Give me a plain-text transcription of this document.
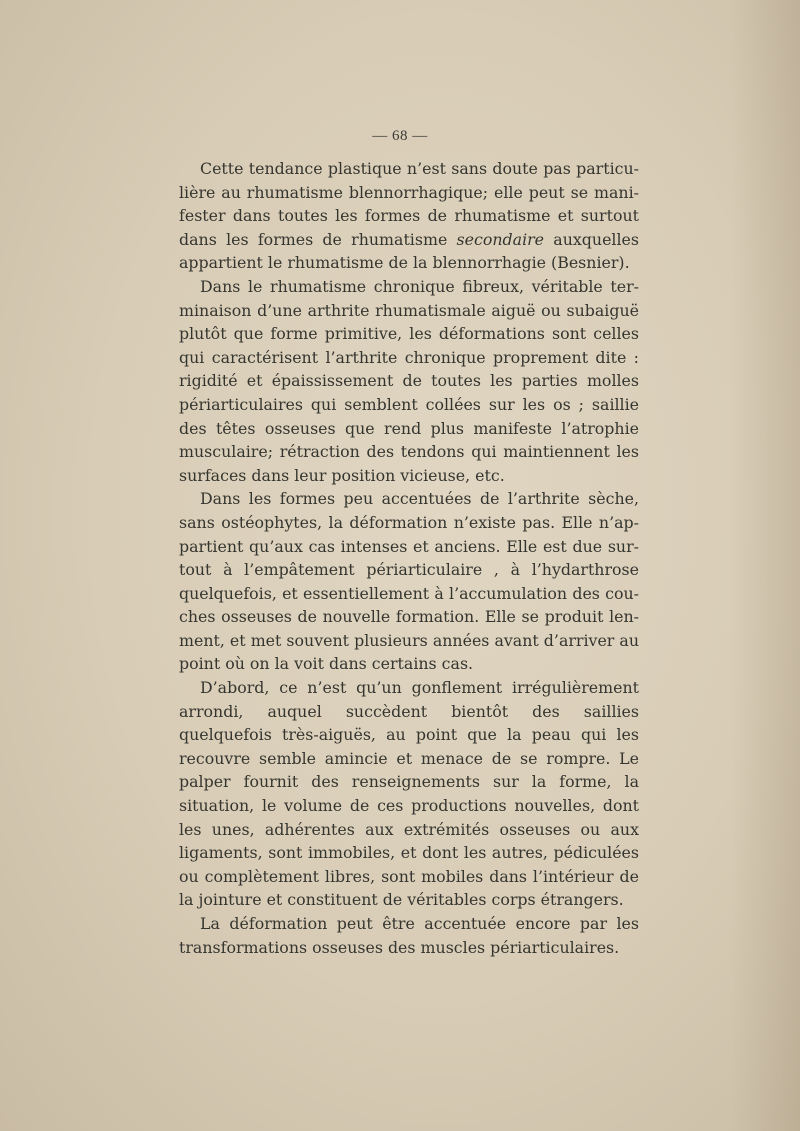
— 68 —

Cette tendance plastique n’est sans doute pas particulière au rhumatisme blennorrhagique; elle peut se manifester dans toutes les formes de rhumatisme et surtout dans les formes de rhumatisme secondaire auxquelles appartient le rhumatisme de la blennorrhagie (Besnier).

Dans le rhumatisme chronique fibreux, véritable terminaison d’une arthrite rhumatismale aiguë ou subaiguë plutôt que forme primitive, les déformations sont celles qui caractérisent l’arthrite chronique proprement dite : rigidité et épaississement de toutes les parties molles périarticulaires qui semblent collées sur les os ; saillie des têtes osseuses que rend plus manifeste l’atrophie musculaire; rétraction des tendons qui maintiennent les surfaces dans leur position vicieuse, etc.

Dans les formes peu accentuées de l’arthrite sèche, sans ostéophytes, la déformation n’existe pas. Elle n’appartient qu’aux cas intenses et anciens. Elle est due surtout à l’empâtement périarticulaire , à l’hydarthrose quelquefois, et essentiellement à l’accumulation des couches osseuses de nouvelle formation. Elle se produit lenment, et met souvent plusieurs années avant d’arriver au point où on la voit dans certains cas.

D’abord, ce n’est qu’un gonflement irrégulièrement arrondi, auquel succèdent bientôt des saillies quelquefois très-aiguës, au point que la peau qui les recouvre semble amincie et menace de se rompre. Le palper fournit des renseignements sur la forme, la situation, le volume de ces productions nouvelles, dont les unes, adhérentes aux extrémités osseuses ou aux ligaments, sont immobiles, et dont les autres, pédiculées ou complètement libres, sont mobiles dans l’intérieur de la jointure et constituent de véritables corps étrangers.

La déformation peut être accentuée encore par les transformations osseuses des muscles périarticulaires.
